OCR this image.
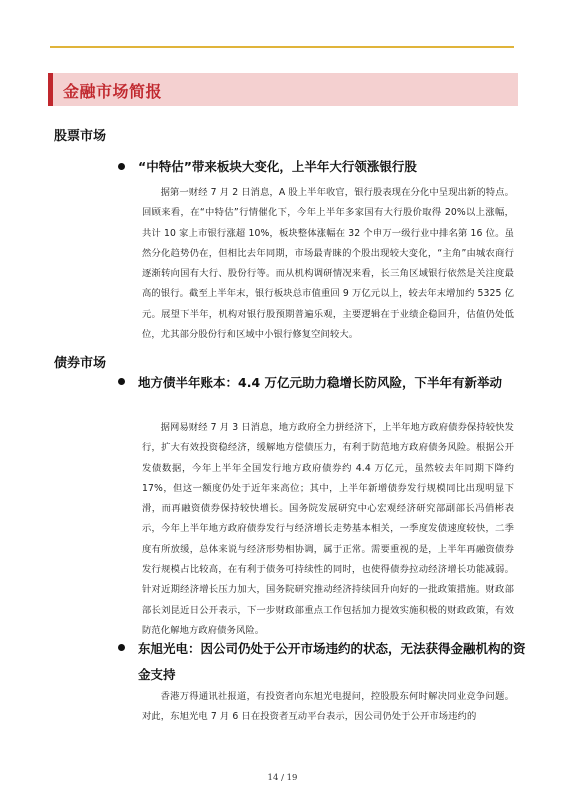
金融市场简报
股票市场
“中特估”带来板块大变化，上半年大行领涨银行股
据第一财经 7 月 2 日消息，A 股上半年收官，银行股表现在分化中呈现出新的特点。回顾来看，在“中特估”行情催化下，今年上半年多家国有大行股价取得 20%以上涨幅，共计 10 家上市银行涨超 10%，板块整体涨幅在 32 个申万一级行业中排名第 16 位。虽然分化趋势仍在，但相比去年同期，市场最青睐的个股出现较大变化，“主角”由城农商行逐渐转向国有大行、股份行等。而从机构调研情况来看，长三角区域银行依然是关注度最高的银行。截至上半年末，银行板块总市值重回 9 万亿元以上，较去年末增加约 5325 亿元。展望下半年，机构对银行股预期普遍乐观，主要逻辑在于业绩企稳回升，估值仍处低位，尤其部分股份行和区域中小银行修复空间较大。
债券市场
地方债半年账本：4.4 万亿元助力稳增长防风险，下半年有新举动
据网易财经 7 月 3 日消息，地方政府全力拼经济下，上半年地方政府债券保持较快发行，扩大有效投资稳经济，缓解地方偿债压力，有利于防范地方政府债务风险。根据公开发债数据，今年上半年全国发行地方政府债券约 4.4 万亿元，虽然较去年同期下降约 17%，但这一额度仍处于近年来高位；其中，上半年新增债券发行规模同比出现明显下滑，而再融资债券保持较快增长。国务院发展研究中心宏观经济研究部副部长冯俏彬表示，今年上半年地方政府债券发行与经济增长走势基本相关，一季度发债速度较快，二季度有所放缓，总体来说与经济形势相协调，属于正常。需要重视的是，上半年再融资债券发行规模占比较高，在有利于债务可持续性的同时，也使得债券拉动经济增长功能减弱。针对近期经济增长压力加大，国务院研究推动经济持续回升向好的一批政策措施。财政部部长刘昆近日公开表示，下一步财政部重点工作包括加力提效实施积极的财政政策，有效防范化解地方政府债务风险。
东旭光电：因公司仍处于公开市场违约的状态，无法获得金融机构的资金支持
香港万得通讯社报道，有投资者向东旭光电提问，控股股东何时解决同业竞争问题。对此，东旭光电 7 月 6 日在投资者互动平台表示，因公司仍处于公开市场违约的
14 / 19
